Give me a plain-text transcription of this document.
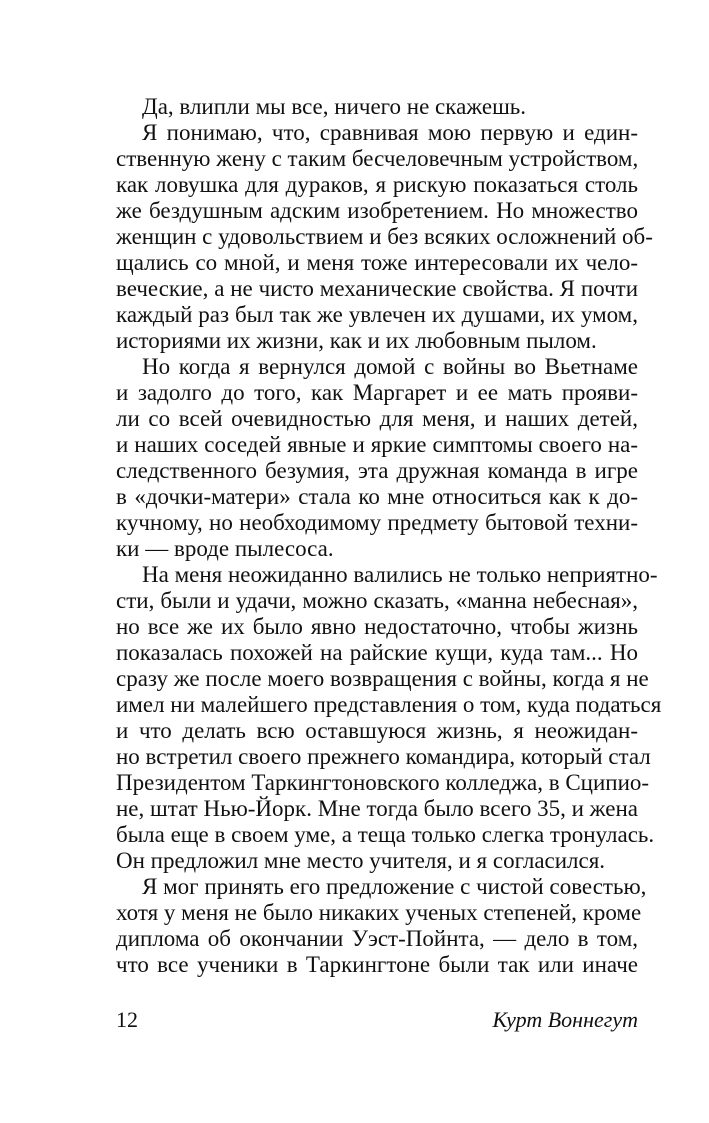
Да, влипли мы все, ничего не скажешь.
Я понимаю, что, сравнивая мою первую и един-
ственную жену с таким бесчеловечным устройством,
как ловушка для дураков, я рискую показаться столь
же бездушным адским изобретением. Но множество
женщин с удовольствием и без всяких осложнений об-
щались со мной, и меня тоже интересовали их чело-
веческие, а не чисто механические свойства. Я почти
каждый раз был так же увлечен их душами, их умом,
историями их жизни, как и их любовным пылом.
Но когда я вернулся домой с войны во Вьетнаме
и задолго до того, как Маргарет и ее мать прояви-
ли со всей очевидностью для меня, и наших детей,
и наших соседей явные и яркие симптомы своего на-
следственного безумия, эта дружная команда в игре
в «дочки-матери» стала ко мне относиться как к до-
кучному, но необходимому предмету бытовой техни-
ки — вроде пылесоса.
На меня неожиданно валились не только неприятно-
сти, были и удачи, можно сказать, «манна небесная»,
но все же их было явно недостаточно, чтобы жизнь
показалась похожей на райские кущи, куда там... Но
сразу же после моего возвращения с войны, когда я не
имел ни малейшего представления о том, куда податься
и что делать всю оставшуюся жизнь, я неожидан-
но встретил своего прежнего командира, который стал
Президентом Таркингтоновского колледжа, в Сципио-
не, штат Нью-Йорк. Мне тогда было всего 35, и жена
была еще в своем уме, а теща только слегка тронулась.
Он предложил мне место учителя, и я согласился.
Я мог принять его предложение с чистой совестью,
хотя у меня не было никаких ученых степеней, кроме
диплома об окончании Уэст-Пойнта, — дело в том,
что все ученики в Таркингтоне были так или иначе
12	Курт Воннегут
